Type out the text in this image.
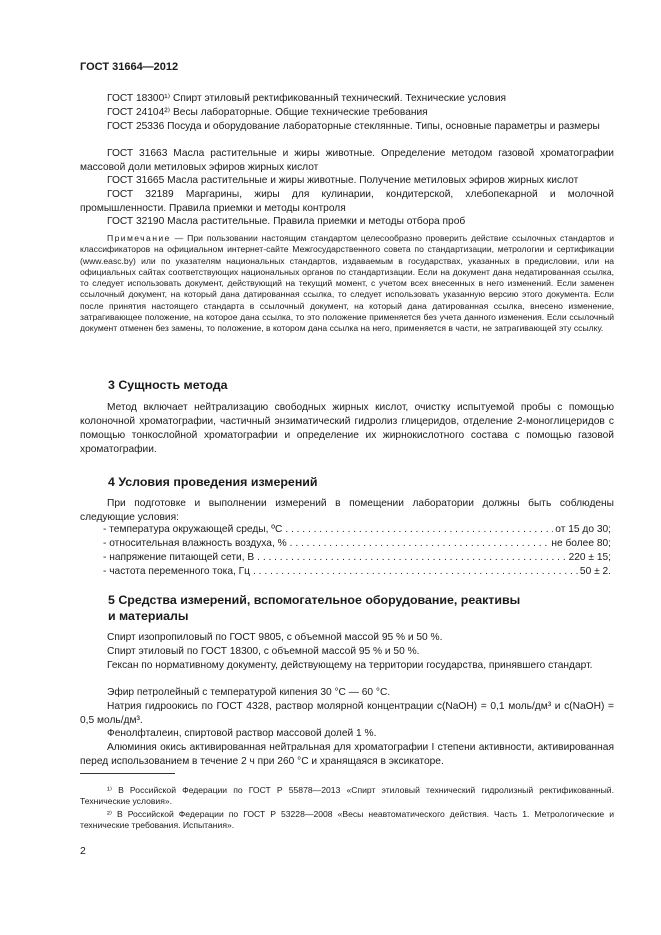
ГОСТ 31664—2012

ГОСТ 18300¹⁾ Спирт этиловый ректификованный технический. Технические условия

ГОСТ 24104²⁾ Весы лабораторные. Общие технические требования

ГОСТ 25336 Посуда и оборудование лабораторные стеклянные. Типы, основные параметры и размеры

ГОСТ 31663 Масла растительные и жиры животные. Определение методом газовой хроматографии массовой доли метиловых эфиров жирных кислот

ГОСТ 31665 Масла растительные и жиры животные. Получение метиловых эфиров жирных кислот

ГОСТ 32189 Маргарины, жиры для кулинарии, кондитерской, хлебопекарной и молочной промышленности. Правила приемки и методы контроля

ГОСТ 32190 Масла растительные. Правила приемки и методы отбора проб

Примечание — При пользовании настоящим стандартом целесообразно проверить действие ссылочных стандартов и классификаторов на официальном интернет-сайте Межгосударственного совета по стандартизации, метрологии и сертификации (www.easc.by) или по указателям национальных стандартов, издаваемым в государствах, указанных в предисловии, или на официальных сайтах соответствующих национальных органов по стандартизации. Если на документ дана недатированная ссылка, то следует использовать документ, действующий на текущий момент, с учетом всех внесенных в него изменений. Если заменен ссылочный документ, на который дана датированная ссылка, то следует использовать указанную версию этого документа. Если после принятия настоящего стандарта в ссылочный документ, на который дана датированная ссылка, внесено изменение, затрагивающее положение, на которое дана ссылка, то это положение применяется без учета данного изменения. Если ссылочный документ отменен без замены, то положение, в котором дана ссылка на него, применяется в части, не затрагивающей эту ссылку.

3 Сущность метода

Метод включает нейтрализацию свободных жирных кислот, очистку испытуемой пробы с помощью колоночной хроматографии, частичный энзиматический гидролиз глицеридов, отделение 2-моноглицеридов с помощью тонкослойной хроматографии и определение их жирнокислотного состава с помощью газовой хроматографии.

4 Условия проведения измерений

При подготовке и выполнении измерений в помещении лаборатории должны быть соблюдены следующие условия:

- температура окружающей среды, ºС . . .	от 15 до 30;
- относительная влажность воздуха, % . . .	не более 80;
- напряжение питающей сети, В . . .	220 ± 15;
- частота переменного тока, Гц . . .	50 ± 2.
5 Средства измерений, вспомогательное оборудование, реактивы
и материалы

Спирт изопропиловый по ГОСТ 9805, с объемной массой 95 % и 50 %.

Спирт этиловый по ГОСТ 18300, с объемной массой 95 % и 50 %.

Гексан по нормативному документу, действующему на территории государства, принявшего стандарт.

Эфир петролейный с температурой кипения 30 °С — 60 °С.

Натрия гидроокись по ГОСТ 4328, раствор молярной концентрации c(NaOH) = 0,1 моль/дм³ и c(NaOH) = 0,5 моль/дм³.

Фенолфталеин, спиртовой раствор массовой долей 1 %.

Алюминия окись активированная нейтральная для хроматографии I степени активности, активированная перед использованием в течение 2 ч при 260 °С и хранящаяся в эксикаторе.

¹⁾ В Российской Федерации по ГОСТ Р 55878—2013 «Спирт этиловый технический гидролизный ректификованный. Технические условия».

²⁾ В Российской Федерации по ГОСТ Р 53228—2008 «Весы неавтоматического действия. Часть 1. Метрологические и технические требования. Испытания».

2
